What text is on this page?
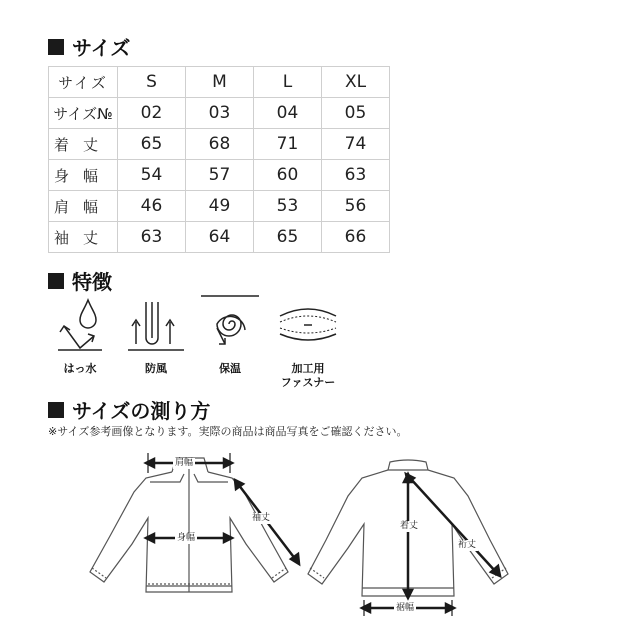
サイズ
サイズ	S	M	L	XL
サイズ№	02	03	04	05
着丈	65	68	71	74
身幅	54	57	60	63
肩幅	46	49	53	56
袖丈	63	64	65	66
特徴
はっ水	防風	保温	加工用
ファスナー
サイズの測り方
※サイズ参考画像となります。実際の商品は商品写真をご確認ください。
肩幅
身幅
袖丈
着丈
裾幅
裄丈
